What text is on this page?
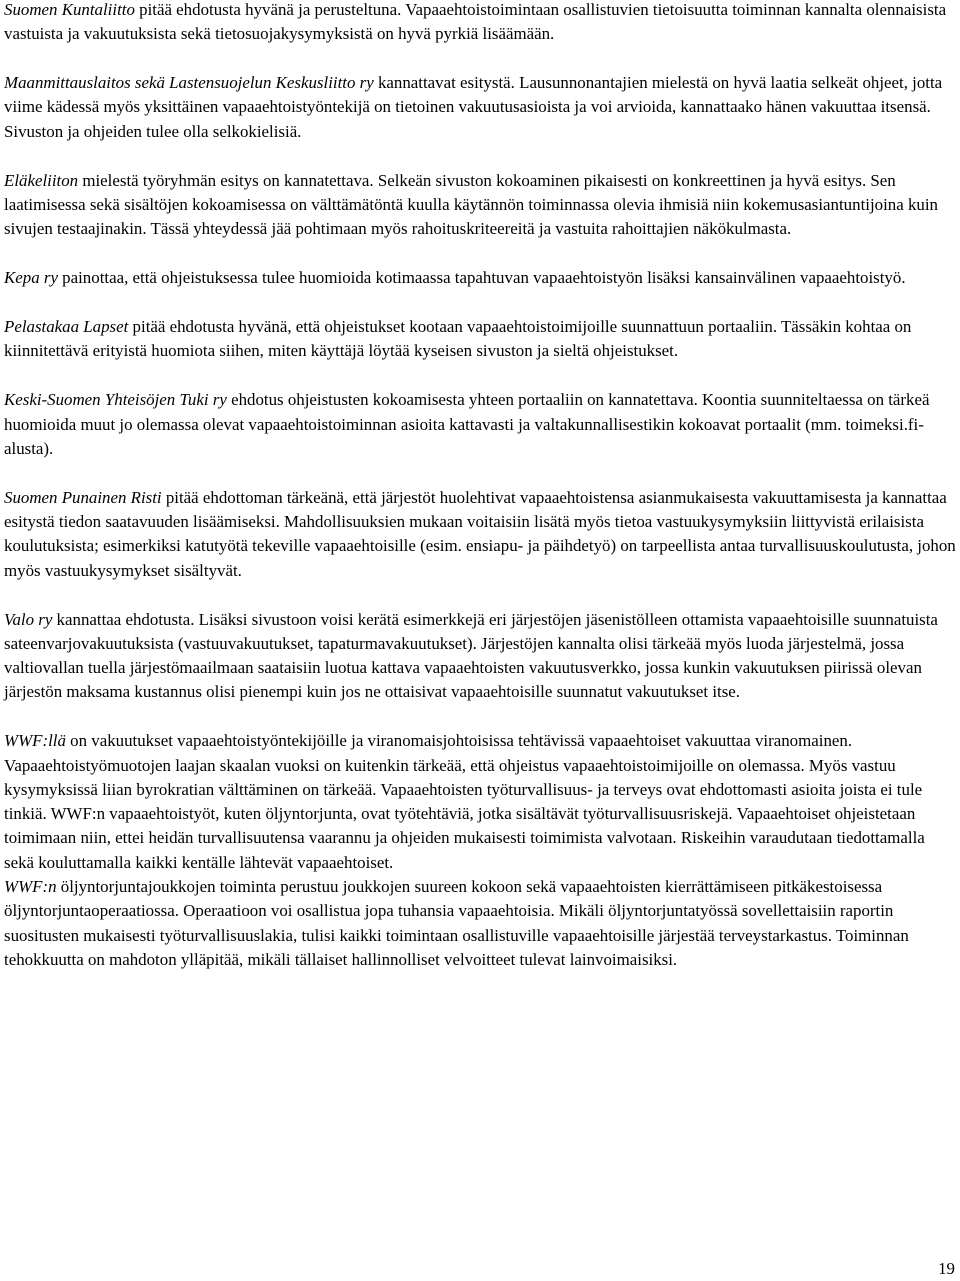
Suomen Kuntaliitto pitää ehdotusta hyvänä ja perusteltuna. Vapaaehtoistoimintaan osallistuvien tietoisuutta toiminnan kannalta olennaisista vastuista ja vakuutuksista sekä tietosuojakysymyksistä on hyvä pyrkiä lisäämään.

Maanmittauslaitos sekä Lastensuojelun Keskusliitto ry kannattavat esitystä. Lausunnonantajien mielestä on hyvä laatia selkeät ohjeet, jotta viime kädessä myös yksittäinen vapaaehtoistyöntekijä on tietoinen vakuutusasioista ja voi arvioida, kannattaako hänen vakuuttaa itsensä. Sivuston ja ohjeiden tulee olla selkokielisiä.

Eläkeliiton mielestä työryhmän esitys on kannatettava. Selkeän sivuston kokoaminen pikaisesti on konkreettinen ja hyvä esitys. Sen laatimisessa sekä sisältöjen kokoamisessa on välttämätöntä kuulla käytännön toiminnassa olevia ihmisiä niin kokemusasiantuntijoina kuin sivujen testaajinakin. Tässä yhteydessä jää pohtimaan myös rahoituskriteereitä ja vastuita rahoittajien näkökulmasta.

Kepa ry painottaa, että ohjeistuksessa tulee huomioida kotimaassa tapahtuvan vapaaehtoistyön lisäksi kansainvälinen vapaaehtoistyö.

Pelastakaa Lapset pitää ehdotusta hyvänä, että ohjeistukset kootaan vapaaehtoistoimijoille suunnattuun portaaliin. Tässäkin kohtaa on kiinnitettävä erityistä huomiota siihen, miten käyttäjä löytää kyseisen sivuston ja sieltä ohjeistukset.

Keski-Suomen Yhteisöjen Tuki ry ehdotus ohjeistusten kokoamisesta yhteen portaaliin on kannatettava. Koontia suunniteltaessa on tärkeä huomioida muut jo olemassa olevat vapaaehtoistoiminnan asioita kattavasti ja valtakunnallisestikin kokoavat portaalit (mm. toimeksi.fi-alusta).

Suomen Punainen Risti pitää ehdottoman tärkeänä, että järjestöt huolehtivat vapaaehtoistensa asianmukaisesta vakuuttamisesta ja kannattaa esitystä tiedon saatavuuden lisäämiseksi. Mahdollisuuksien mukaan voitaisiin lisätä myös tietoa vastuukysymyksiin liittyvistä erilaisista koulutuksista; esimerkiksi katutyötä tekeville vapaaehtoisille (esim. ensiapu- ja päihdetyö) on tarpeellista antaa turvallisuuskoulutusta, johon myös vastuukysymykset sisältyvät.

Valo ry kannattaa ehdotusta. Lisäksi sivustoon voisi kerätä esimerkkejä eri järjestöjen jäsenistölleen ottamista vapaaehtoisille suunnatuista sateenvarjovakuutuksista (vastuuvakuutukset, tapaturmavakuutukset). Järjestöjen kannalta olisi tärkeää myös luoda järjestelmä, jossa valtiovallan tuella järjestömaailmaan saataisiin luotua kattava vapaaehtoisten vakuutusverkko, jossa kunkin vakuutuksen piirissä olevan järjestön maksama kustannus olisi pienempi kuin jos ne ottaisivat vapaaehtoisille suunnatut vakuutukset itse.

WWF:llä on vakuutukset vapaaehtoistyöntekijöille ja viranomaisjohtoisissa tehtävissä vapaaehtoiset vakuuttaa viranomainen. Vapaaehtoistyömuotojen laajan skaalan vuoksi on kuitenkin tärkeää, että ohjeistus vapaaehtoistoimijoille on olemassa. Myös vastuu kysymyksissä liian byrokratian välttäminen on tärkeää. Vapaaehtoisten työturvallisuus- ja terveys ovat ehdottomasti asioita joista ei tule tinkiä. WWF:n vapaaehtoistyöt, kuten öljyntorjunta, ovat työtehtäviä, jotka sisältävät työturvallisuusriskejä. Vapaaehtoiset ohjeistetaan toimimaan niin, ettei heidän turvallisuutensa vaarannu ja ohjeiden mukaisesti toimimista valvotaan. Riskeihin varaudutaan tiedottamalla sekä kouluttamalla kaikki kentälle lähtevät vapaaehtoiset.

WWF:n öljyntorjuntajoukkojen toiminta perustuu joukkojen suureen kokoon sekä vapaaehtoisten kierrättämiseen pitkäkestoisessa öljyntorjuntaoperaatiossa. Operaatioon voi osallistua jopa tuhansia vapaaehtoisia. Mikäli öljyntorjuntatyössä sovellettaisiin raportin suositusten mukaisesti työturvallisuuslakia, tulisi kaikki toimintaan osallistuville vapaaehtoisille järjestää terveystarkastus. Toiminnan tehokkuutta on mahdoton ylläpitää, mikäli tällaiset hallinnolliset velvoitteet tulevat lainvoimaisiksi.

19
